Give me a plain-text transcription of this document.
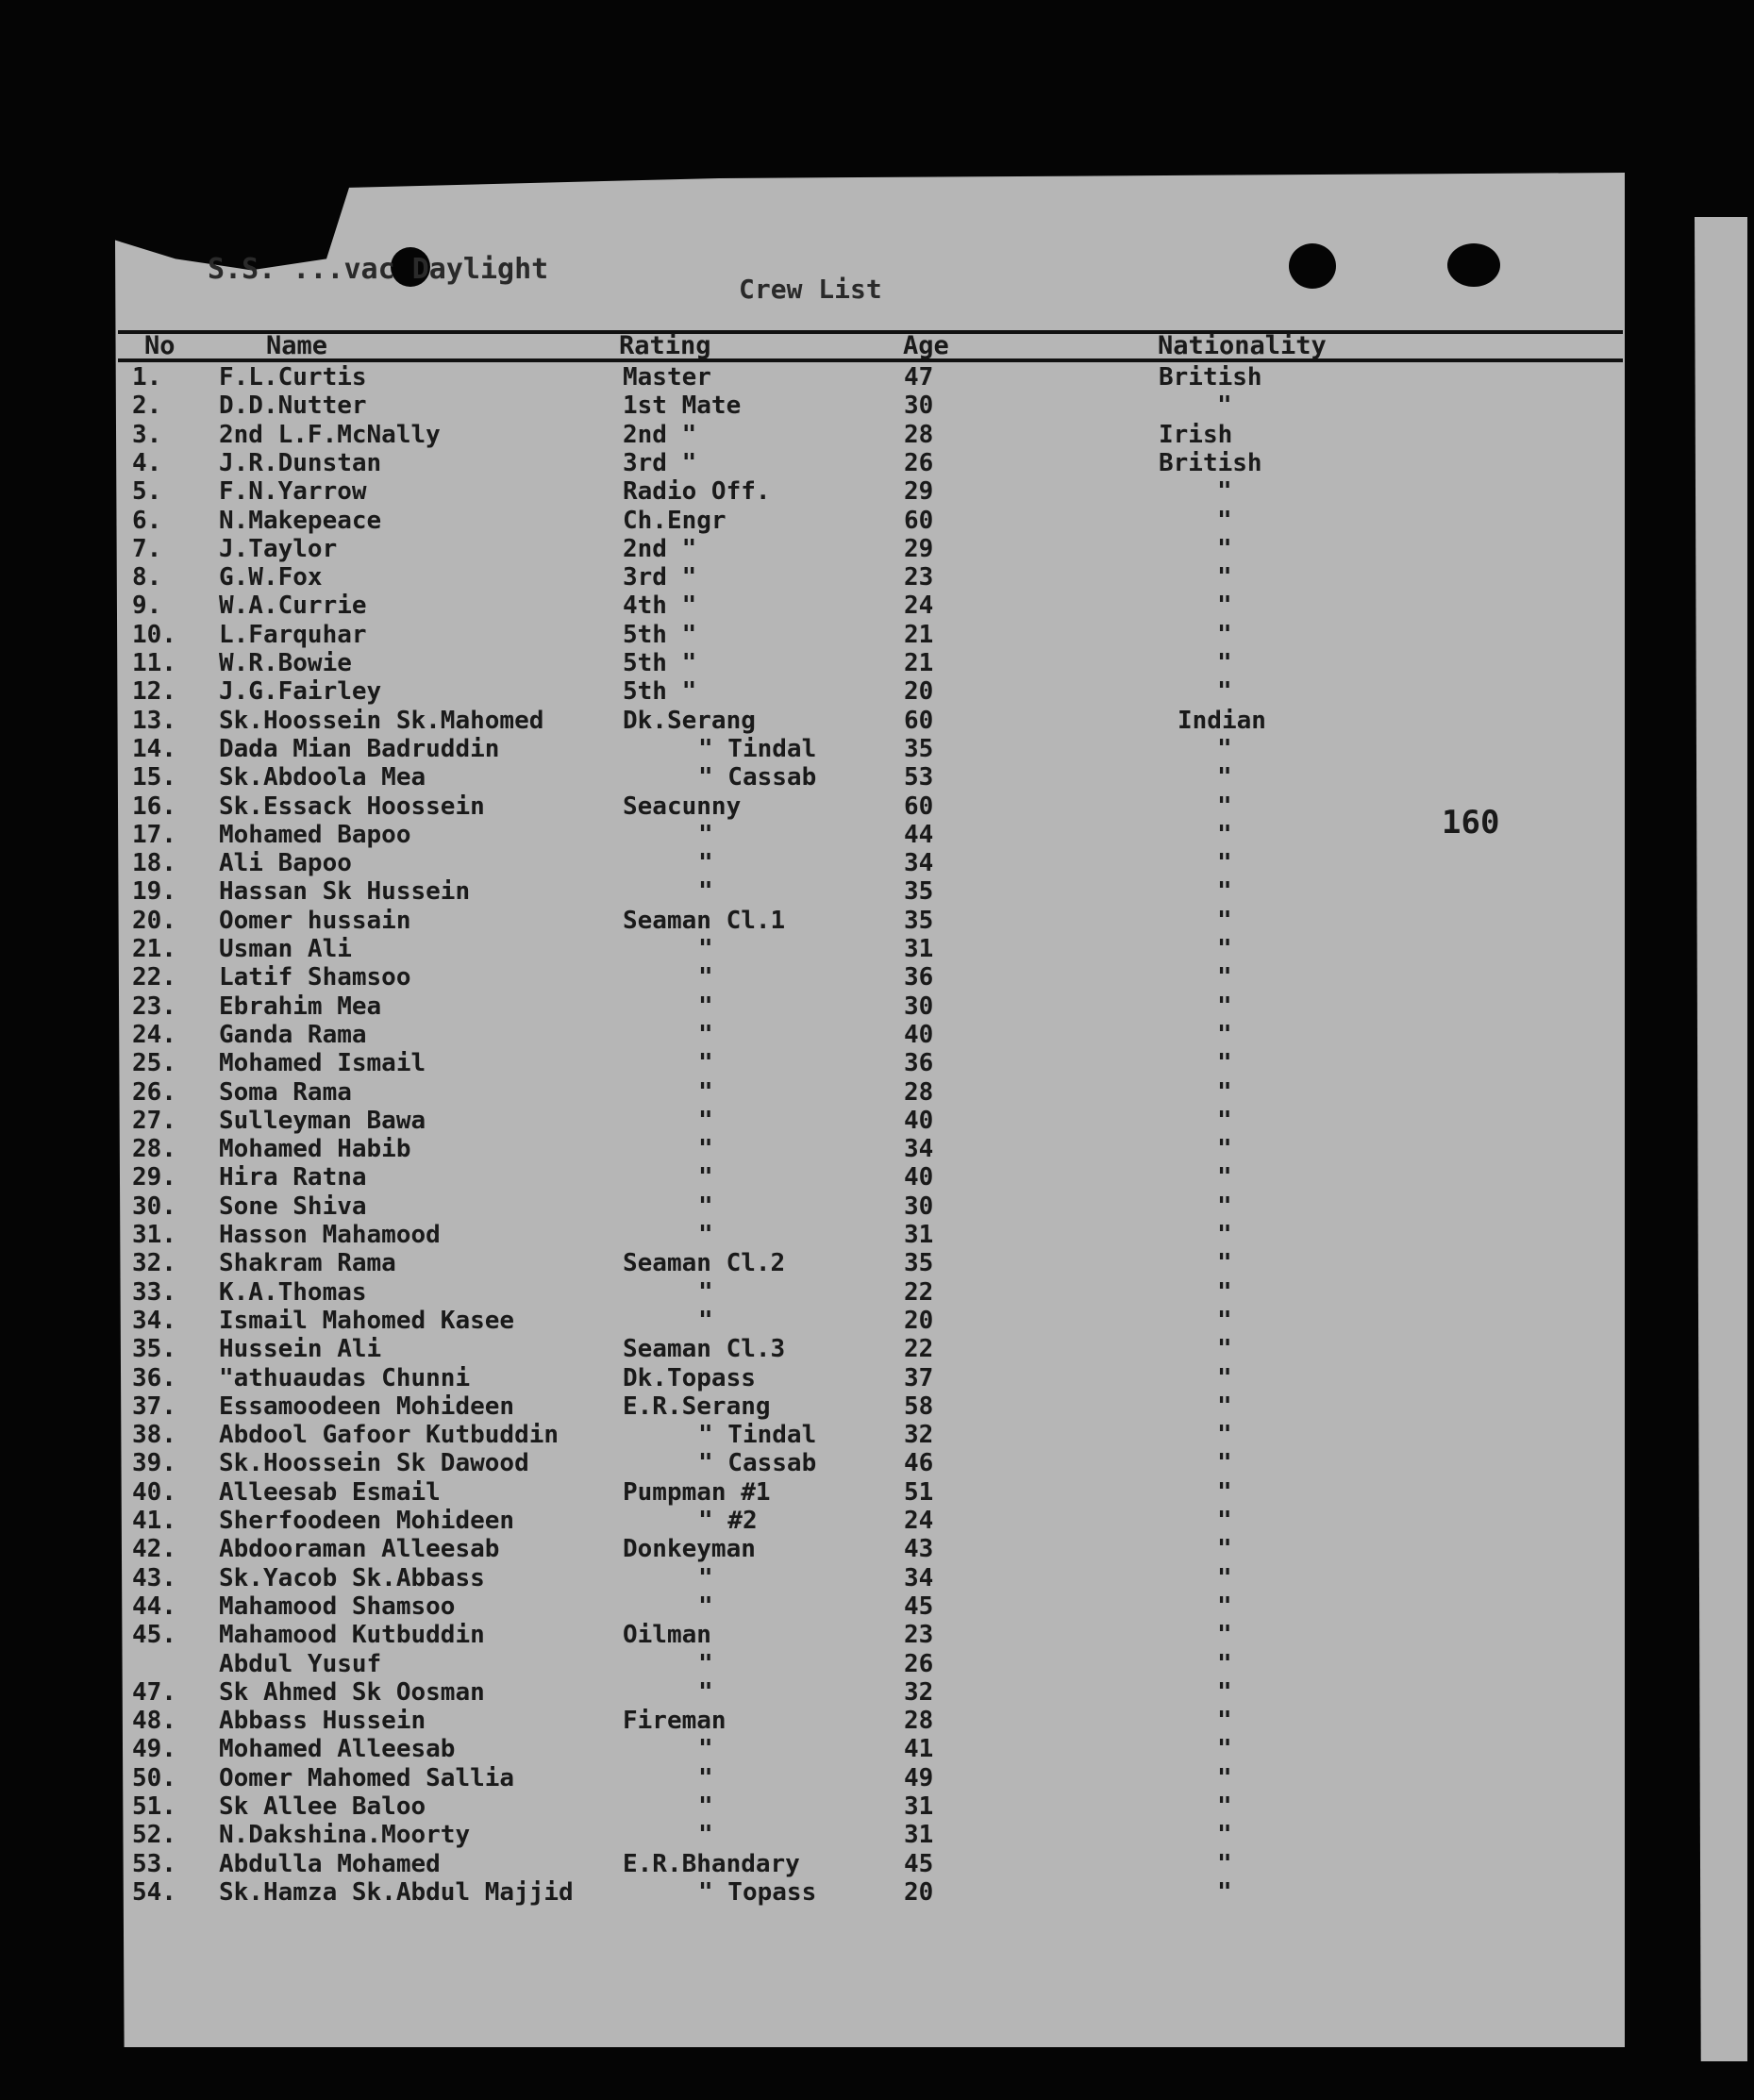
S.S. ...vac Daylight
Crew List
No	Name	Rating	Age	Nationality
160
1. F.L.Curtis	Master	47	British
2. D.D.Nutter	1st Mate	30	"
3. 2nd L.F.McNally	2nd "	28	Irish
4. J.R.Dunstan	3rd "	26	British
5. F.N.Yarrow	Radio Off.	29	"
6. N.Makepeace	Ch.Engr	60	"
7. J.Taylor	2nd "	29	"
8. G.W.Fox	3rd "	23	"
9. W.A.Currie	4th "	24	"
10. L.Farquhar	5th "	21	"
11. W.R.Bowie	5th "	21	"
12. J.G.Fairley	5th "	20	"
13. Sk.Hoossein Sk.Mahomed	Dk.Serang	60	Indian
14. Dada Mian Badruddin	" Tindal	35	"
15. Sk.Abdoola Mea	" Cassab	53	"
16. Sk.Essack Hoossein	Seacunny	60	"
17. Mohamed Bapoo	"	44	"
18. Ali Bapoo	"	34	"
19. Hassan Sk Hussein	"	35	"
20. Oomer hussain	Seaman Cl.1	35	"
21. Usman Ali	"	31	"
22. Latif Shamsoo	"	36	"
23. Ebrahim Mea	"	30	"
24. Ganda Rama	"	40	"
25. Mohamed Ismail	"	36	"
26. Soma Rama	"	28	"
27. Sulleyman Bawa	"	40	"
28. Mohamed Habib	"	34	"
29. Hira Ratna	"	40	"
30. Sone Shiva	"	30	"
31. Hasson Mahamood	"	31	"
32. Shakram Rama	Seaman Cl.2	35	"
33. K.A.Thomas	"	22	"
34. Ismail Mahomed Kasee	"	20	"
35. Hussein Ali	Seaman Cl.3	22	"
36. "athuaudas Chunni	Dk.Topass	37	"
37. Essamoodeen Mohideen	E.R.Serang	58	"
38. Abdool Gafoor Kutbuddin	" Tindal	32	"
39. Sk.Hoossein Sk Dawood	" Cassab	46	"
40. Alleesab Esmail	Pumpman #1	51	"
41. Sherfoodeen Mohideen	" #2	24	"
42. Abdooraman Alleesab	Donkeyman	43	"
43. Sk.Yacob Sk.Abbass	"	34	"
44. Mahamood Shamsoo	"	45	"
45. Mahamood Kutbuddin	Oilman	23	"
Abdul Yusuf	"	26	"
47. Sk Ahmed Sk Oosman	"	32	"
48. Abbass Hussein	Fireman	28	"
49. Mohamed Alleesab	"	41	"
50. Oomer Mahomed Sallia	"	49	"
51. Sk Allee Baloo	"	31	"
52. N.Dakshina.Moorty	"	31	"
53. Abdulla Mohamed	E.R.Bhandary	45	"
54. Sk.Hamza Sk.Abdul Majjid	" Topass	20	"
